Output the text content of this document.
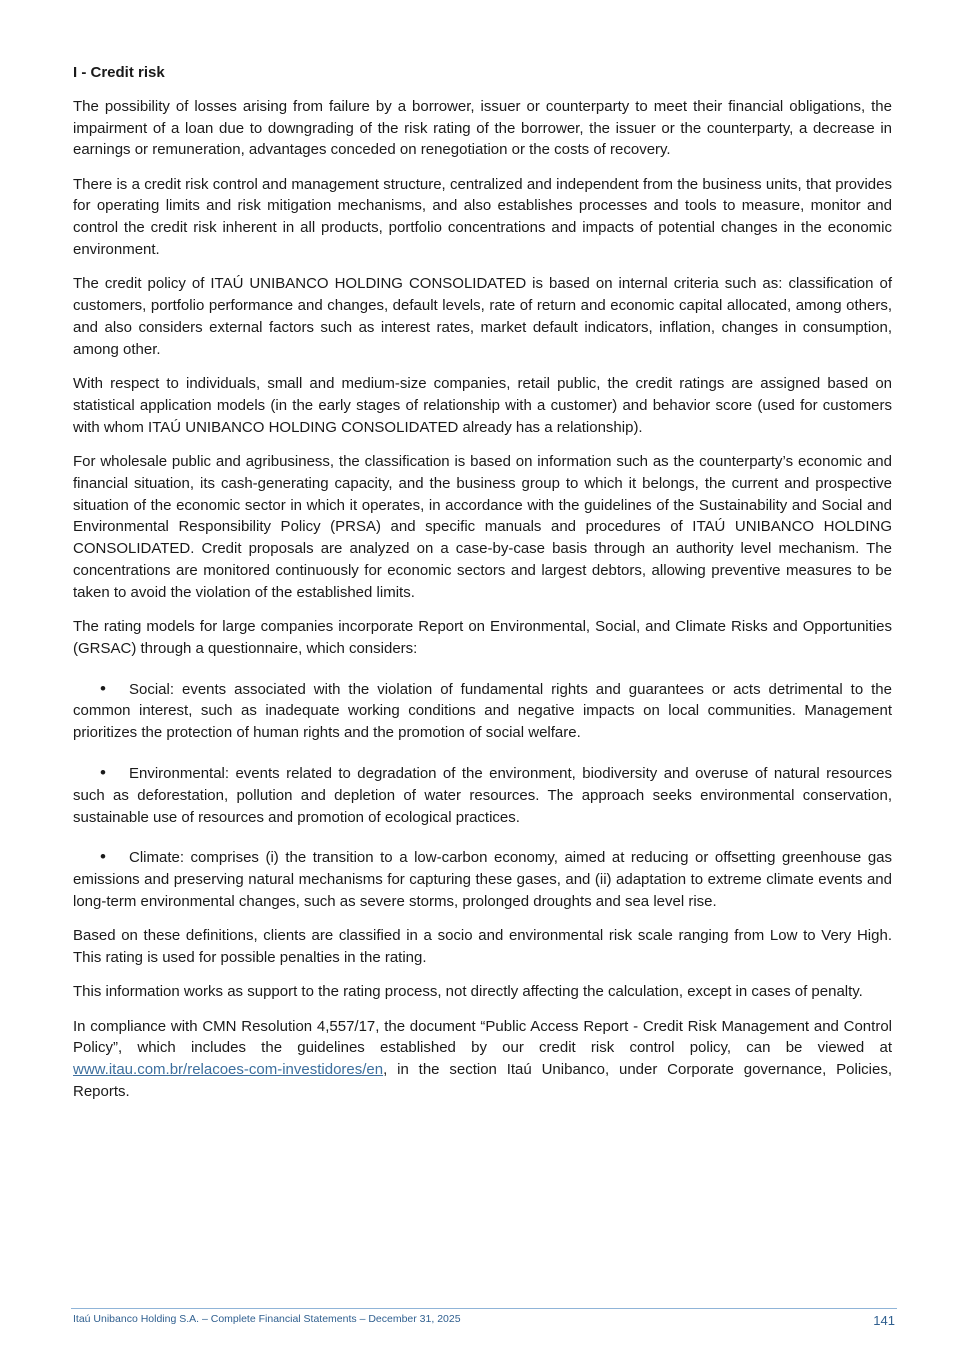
I - Credit risk

The possibility of losses arising from failure by a borrower, issuer or counterparty to meet their financial obligations, the impairment of a loan due to downgrading of the risk rating of the borrower, the issuer or the counterparty, a decrease in earnings or remuneration, advantages conceded on renegotiation or the costs of recovery.

There is a credit risk control and management structure, centralized and independent from the business units, that provides for operating limits and risk mitigation mechanisms, and also establishes processes and tools to measure, monitor and control the credit risk inherent in all products, portfolio concentrations and impacts of potential changes in the economic environment.

The credit policy of ITAÚ UNIBANCO HOLDING CONSOLIDATED is based on internal criteria such as: classification of customers, portfolio performance and changes, default levels, rate of return and economic capital allocated, among others, and also considers external factors such as interest rates, market default indicators, inflation, changes in consumption, among other.

With respect to individuals, small and medium-size companies, retail public, the credit ratings are assigned based on statistical application models (in the early stages of relationship with a customer) and behavior score (used for customers with whom ITAÚ UNIBANCO HOLDING CONSOLIDATED already has a relationship).

For wholesale public and agribusiness, the classification is based on information such as the counterparty’s economic and financial situation, its cash-generating capacity, and the business group to which it belongs, the current and prospective situation of the economic sector in which it operates, in accordance with the guidelines of the Sustainability and Social and Environmental Responsibility Policy (PRSA) and specific manuals and procedures of ITAÚ UNIBANCO HOLDING CONSOLIDATED. Credit proposals are analyzed on a case-by-case basis through an authority level mechanism. The concentrations are monitored continuously for economic sectors and largest debtors, allowing preventive measures to be taken to avoid the violation of the established limits.

The rating models for large companies incorporate Report on Environmental, Social, and Climate Risks and Opportunities (GRSAC) through a questionnaire, which considers:

• Social: events associated with the violation of fundamental rights and guarantees or acts detrimental to the common interest, such as inadequate working conditions and negative impacts on local communities. Management prioritizes the protection of human rights and the promotion of social welfare.
• Environmental: events related to degradation of the environment, biodiversity and overuse of natural resources such as deforestation, pollution and depletion of water resources. The approach seeks environmental conservation, sustainable use of resources and promotion of ecological practices.
• Climate: comprises (i) the transition to a low-carbon economy, aimed at reducing or offsetting greenhouse gas emissions and preserving natural mechanisms for capturing these gases, and (ii) adaptation to extreme climate events and long-term environmental changes, such as severe storms, prolonged droughts and sea level rise.

Based on these definitions, clients are classified in a socio and environmental risk scale ranging from Low to Very High. This rating is used for possible penalties in the rating.

This information works as support to the rating process, not directly affecting the calculation, except in cases of penalty.

In compliance with CMN Resolution 4,557/17, the document “Public Access Report - Credit Risk Management and Control Policy”, which includes the guidelines established by our credit risk control policy, can be viewed at www.itau.com.br/relacoes-com-investidores/en, in the section Itaú Unibanco, under Corporate governance, Policies, Reports.

Itaú Unibanco Holding S.A. – Complete Financial Statements – December 31, 2025	141
